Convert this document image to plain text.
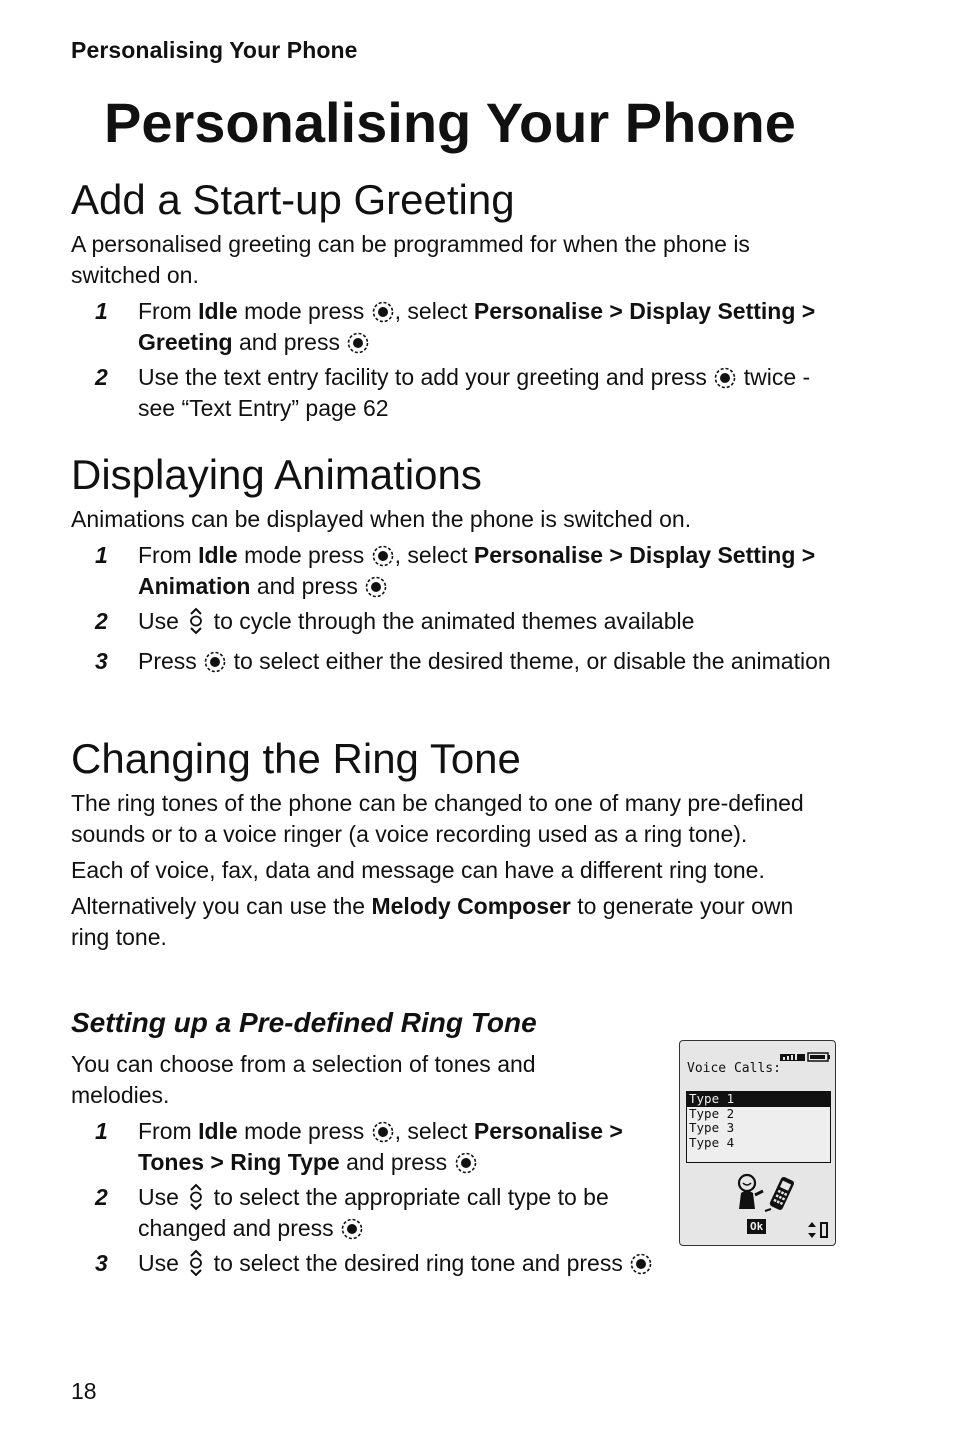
Personalising Your Phone
Personalising Your Phone
Add a Start-up Greeting

A personalised greeting can be programmed for when the phone is switched on.

1 From Idle mode press
, select Personalise > Display Setting > Greeting and press
2 Use the text entry facility to add your greeting and press
twice - see “Text Entry” page 62
Displaying Animations

Animations can be displayed when the phone is switched on.

1 From Idle mode press
, select Personalise > Display Setting > Animation and press
2 Use
to cycle through the animated themes available
3 Press
to select either the desired theme, or disable the animation
Changing the Ring Tone

The ring tones of the phone can be changed to one of many pre-defined sounds or to a voice ringer (a voice recording used as a ring tone).

Each of voice, fax, data and message can have a different ring tone.

Alternatively you can use the Melody Composer to generate your own ring tone.

Setting up a Pre-defined Ring Tone

You can choose from a selection of tones and melodies.

1 From Idle mode press
, select Personalise > Tones > Ring Type and press
2 Use
to select the appropriate call type to be changed and press
3 Use
to select the desired ring tone and press
Voice Calls:
Type 1
Type 2
Type 3
Type 4
Ok
18
